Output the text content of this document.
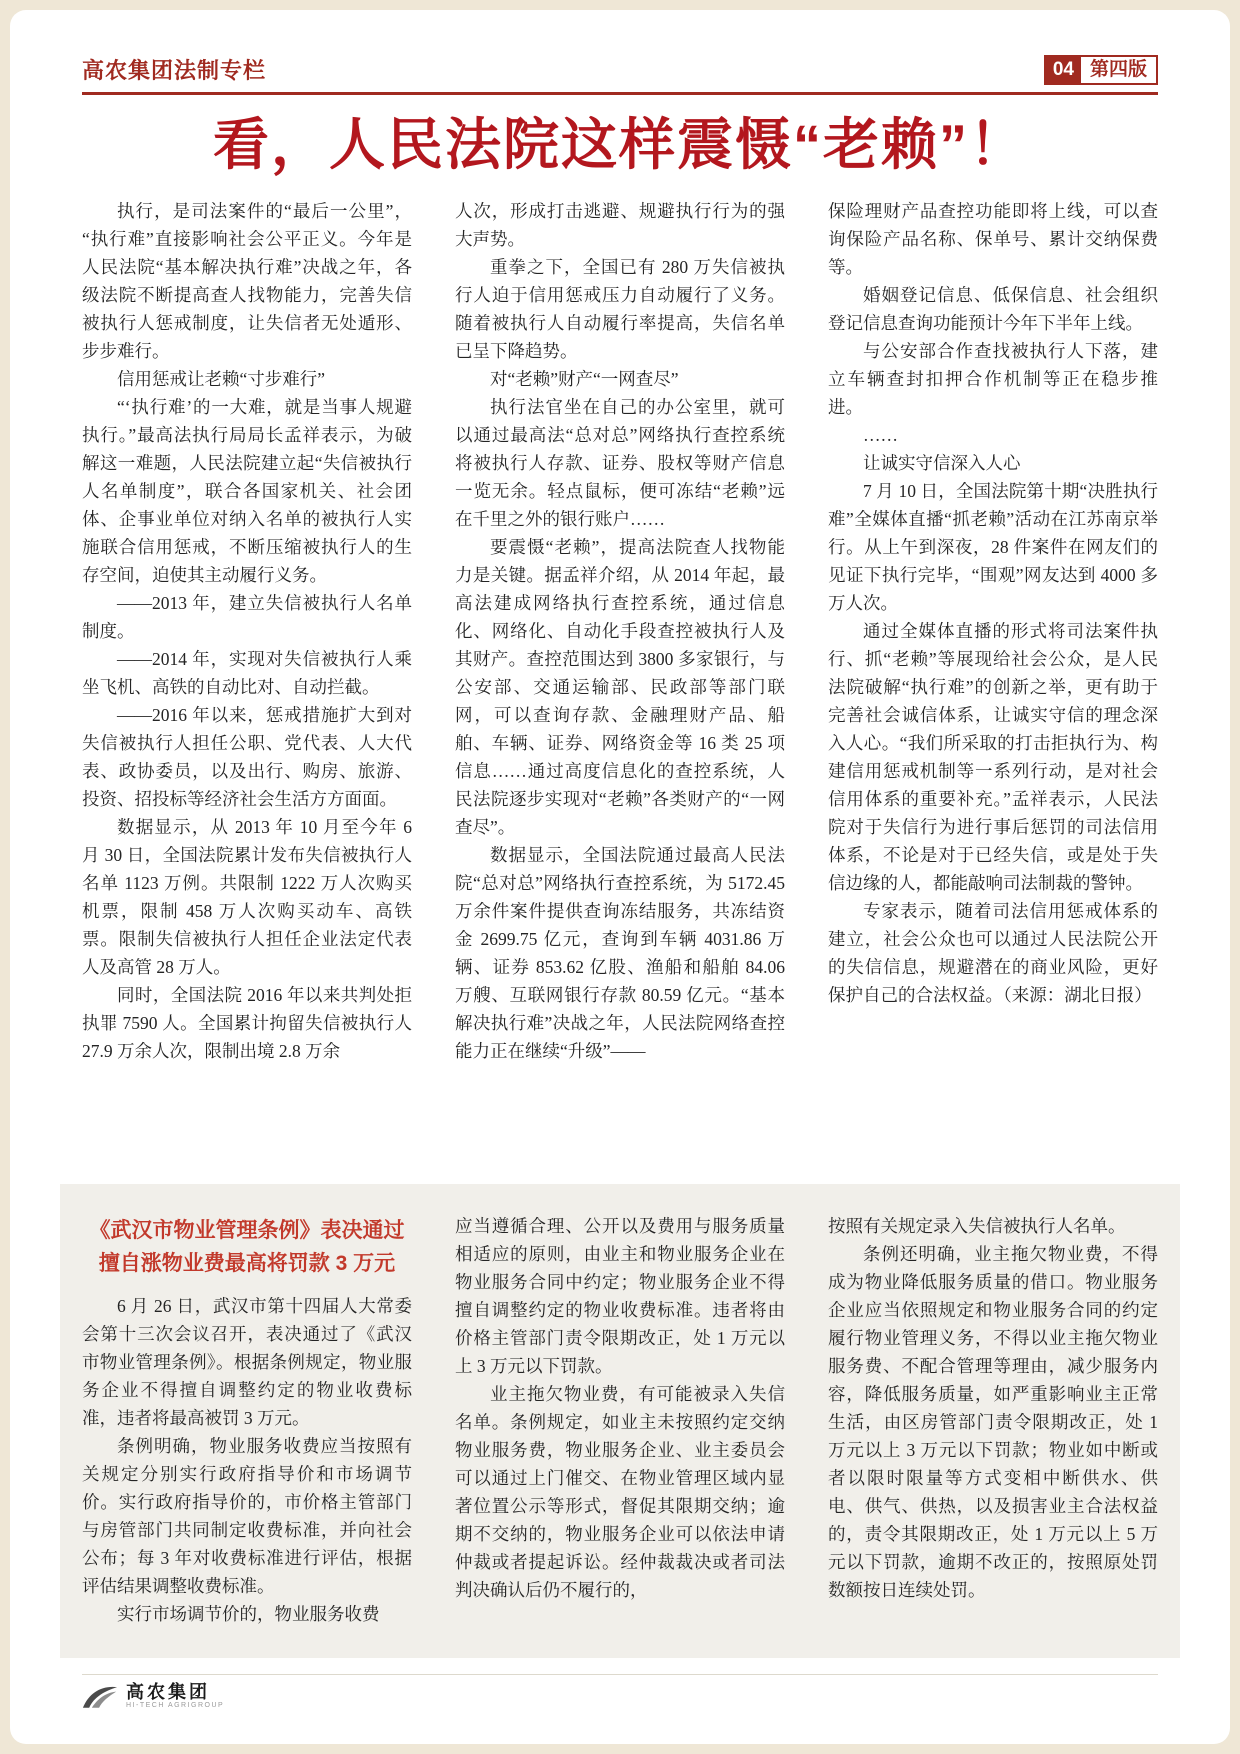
高农集团法制专栏	04 第四版
看，人民法院这样震慑“老赖”！

执行，是司法案件的“最后一公里”，“执行难”直接影响社会公平正义。今年是人民法院“基本解决执行难”决战之年，各级法院不断提高查人找物能力，完善失信被执行人惩戒制度，让失信者无处遁形、步步难行。

信用惩戒让老赖“寸步难行”

“‘执行难’的一大难，就是当事人规避执行。”最高法执行局局长孟祥表示，为破解这一难题，人民法院建立起“失信被执行人名单制度”，联合各国家机关、社会团体、企事业单位对纳入名单的被执行人实施联合信用惩戒，不断压缩被执行人的生存空间，迫使其主动履行义务。

——2013 年，建立失信被执行人名单制度。

——2014 年，实现对失信被执行人乘坐飞机、高铁的自动比对、自动拦截。

——2016 年以来，惩戒措施扩大到对失信被执行人担任公职、党代表、人大代表、政协委员，以及出行、购房、旅游、投资、招投标等经济社会生活方方面面。

数据显示，从 2013 年 10 月至今年 6 月 30 日，全国法院累计发布失信被执行人名单 1123 万例。共限制 1222 万人次购买机票，限制 458 万人次购买动车、高铁票。限制失信被执行人担任企业法定代表人及高管 28 万人。

同时，全国法院 2016 年以来共判处拒执罪 7590 人。全国累计拘留失信被执行人 27.9 万余人次，限制出境 2.8 万余

人次，形成打击逃避、规避执行行为的强大声势。

重拳之下，全国已有 280 万失信被执行人迫于信用惩戒压力自动履行了义务。随着被执行人自动履行率提高，失信名单已呈下降趋势。

对“老赖”财产“一网查尽”

执行法官坐在自己的办公室里，就可以通过最高法“总对总”网络执行查控系统将被执行人存款、证券、股权等财产信息一览无余。轻点鼠标，便可冻结“老赖”远在千里之外的银行账户……

要震慑“老赖”，提高法院查人找物能力是关键。据孟祥介绍，从 2014 年起，最高法建成网络执行查控系统，通过信息化、网络化、自动化手段查控被执行人及其财产。查控范围达到 3800 多家银行，与公安部、交通运输部、民政部等部门联网，可以查询存款、金融理财产品、船舶、车辆、证券、网络资金等 16 类 25 项信息……通过高度信息化的查控系统，人民法院逐步实现对“老赖”各类财产的“一网查尽”。

数据显示，全国法院通过最高人民法院“总对总”网络执行查控系统，为 5172.45 万余件案件提供查询冻结服务，共冻结资金 2699.75 亿元，查询到车辆 4031.86 万辆、证券 853.62 亿股、渔船和船舶 84.06 万艘、互联网银行存款 80.59 亿元。“基本解决执行难”决战之年，人民法院网络查控能力正在继续“升级”——

保险理财产品查控功能即将上线，可以查询保险产品名称、保单号、累计交纳保费等。

婚姻登记信息、低保信息、社会组织登记信息查询功能预计今年下半年上线。

与公安部合作查找被执行人下落，建立车辆查封扣押合作机制等正在稳步推进。

……

让诚实守信深入人心

7 月 10 日，全国法院第十期“决胜执行难”全媒体直播“抓老赖”活动在江苏南京举行。从上午到深夜，28 件案件在网友们的见证下执行完毕，“围观”网友达到 4000 多万人次。

通过全媒体直播的形式将司法案件执行、抓“老赖”等展现给社会公众，是人民法院破解“执行难”的创新之举，更有助于完善社会诚信体系，让诚实守信的理念深入人心。“我们所采取的打击拒执行为、构建信用惩戒机制等一系列行动，是对社会信用体系的重要补充。”孟祥表示，人民法院对于失信行为进行事后惩罚的司法信用体系，不论是对于已经失信，或是处于失信边缘的人，都能敲响司法制裁的警钟。

专家表示，随着司法信用惩戒体系的建立，社会公众也可以通过人民法院公开的失信信息，规避潜在的商业风险，更好保护自己的合法权益。（来源：湖北日报）

《武汉市物业管理条例》表决通过
擅自涨物业费最高将罚款 3 万元

6 月 26 日，武汉市第十四届人大常委会第十三次会议召开，表决通过了《武汉市物业管理条例》。根据条例规定，物业服务企业不得擅自调整约定的物业收费标准，违者将最高被罚 3 万元。

条例明确，物业服务收费应当按照有关规定分别实行政府指导价和市场调节价。实行政府指导价的，市价格主管部门与房管部门共同制定收费标准，并向社会公布；每 3 年对收费标准进行评估，根据评估结果调整收费标准。

实行市场调节价的，物业服务收费

应当遵循合理、公开以及费用与服务质量相适应的原则，由业主和物业服务企业在物业服务合同中约定；物业服务企业不得擅自调整约定的物业收费标准。违者将由价格主管部门责令限期改正，处 1 万元以上 3 万元以下罚款。

业主拖欠物业费，有可能被录入失信名单。条例规定，如业主未按照约定交纳物业服务费，物业服务企业、业主委员会可以通过上门催交、在物业管理区域内显著位置公示等形式，督促其限期交纳；逾期不交纳的，物业服务企业可以依法申请仲裁或者提起诉讼。经仲裁裁决或者司法判决确认后仍不履行的，

按照有关规定录入失信被执行人名单。

条例还明确，业主拖欠物业费，不得成为物业降低服务质量的借口。物业服务企业应当依照规定和物业服务合同的约定履行物业管理义务，不得以业主拖欠物业服务费、不配合管理等理由，减少服务内容，降低服务质量，如严重影响业主正常生活，由区房管部门责令限期改正，处 1 万元以上 3 万元以下罚款；物业如中断或者以限时限量等方式变相中断供水、供电、供气、供热，以及损害业主合法权益的，责令其限期改正，处 1 万元以上 5 万元以下罚款，逾期不改正的，按照原处罚数额按日连续处罚。

高农集团
HI-TECH AGRIGROUP
